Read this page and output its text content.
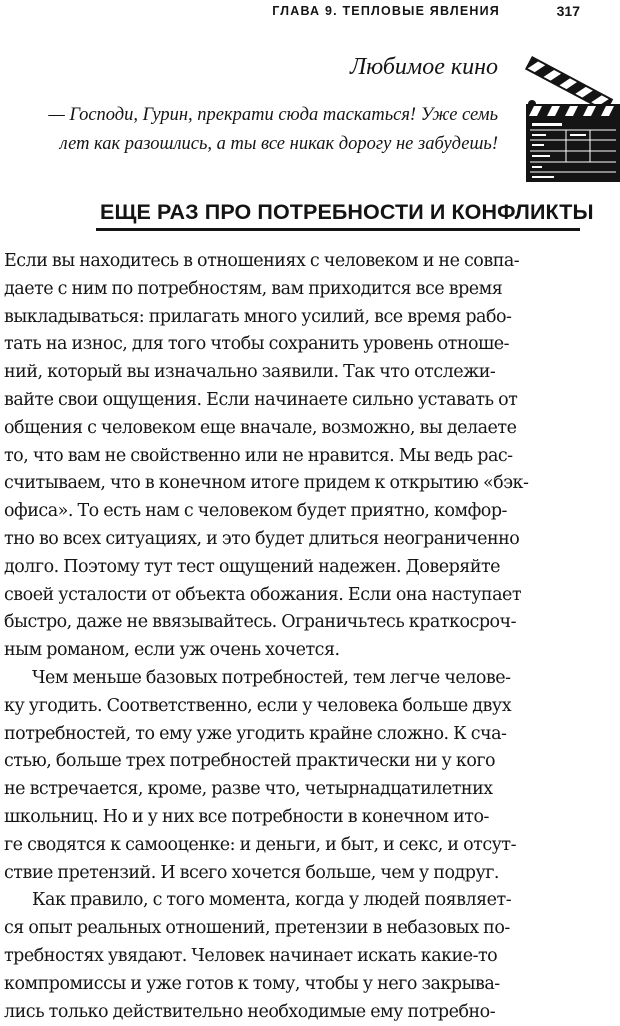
ГЛАВА 9. ТЕПЛОВЫЕ ЯВЛЕНИЯ	317
Любимое кино
— Господи, Гурин, прекрати сюда таскаться! Уже семь
лет как разошлись, а ты все никак дорогу не забудешь!
ЕЩЕ РАЗ ПРО ПОТРЕБНОСТИ И КОНФЛИКТЫ
Если вы находитесь в отношениях с человеком и не совпа-
даете с ним по потребностям, вам приходится все время
выкладываться: прилагать много усилий, все время рабо-
тать на износ, для того чтобы сохранить уровень отноше-
ний, который вы изначально заявили. Так что отслежи-
вайте свои ощущения. Если начинаете сильно уставать от
общения с человеком еще вначале, возможно, вы делаете
то, что вам не свойственно или не нравится. Мы ведь рас-
считываем, что в конечном итоге придем к открытию «бэк-
офиса». То есть нам с человеком будет приятно, комфор-
тно во всех ситуациях, и это будет длиться неограниченно
долго. Поэтому тут тест ощущений надежен. Доверяйте
своей усталости от объекта обожания. Если она наступает
быстро, даже не ввязывайтесь. Ограничьтесь краткосроч-
ным романом, если уж очень хочется.
Чем меньше базовых потребностей, тем легче челове-
ку угодить. Соответственно, если у человека больше двух
потребностей, то ему уже угодить крайне сложно. К сча-
стью, больше трех потребностей практически ни у кого
не встречается, кроме, разве что, четырнадцатилетних
школьниц. Но и у них все потребности в конечном ито-
ге сводятся к самооценке: и деньги, и быт, и секс, и отсут-
ствие претензий. И всего хочется больше, чем у подруг.
Как правило, с того момента, когда у людей появляет-
ся опыт реальных отношений, претензии в небазовых по-
требностях увядают. Человек начинает искать какие-то
компромиссы и уже готов к тому, чтобы у него закрыва-
лись только действительно необходимые ему потребно-
